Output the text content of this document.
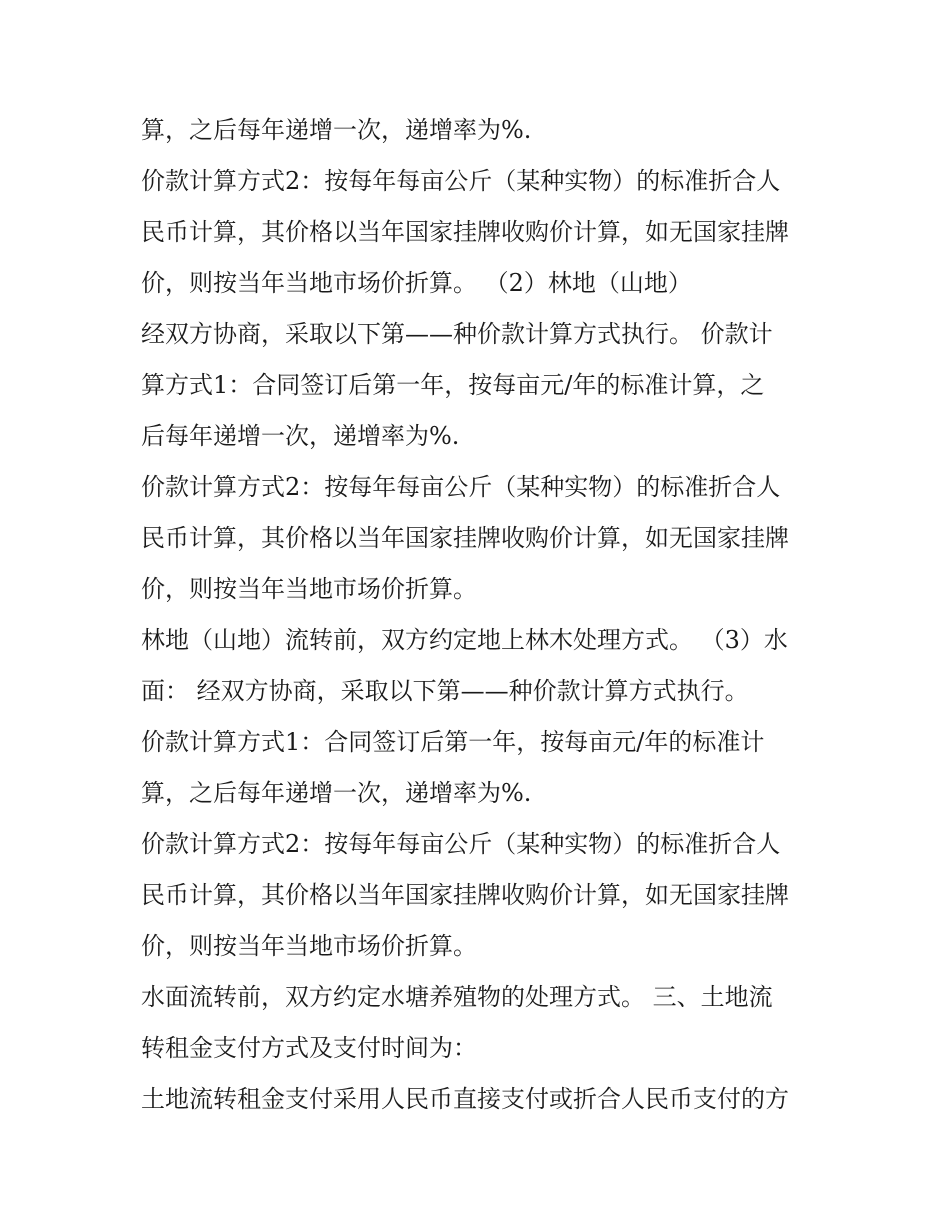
算，之后每年递增一次，递增率为%.
价款计算方式2：按每年每亩公斤（某种实物）的标准折合人
民币计算，其价格以当年国家挂牌收购价计算，如无国家挂牌
价，则按当年当地市场价折算。 （2）林地（山地）
经双方协商，采取以下第——种价款计算方式执行。 价款计
算方式1：合同签订后第一年，按每亩元/年的标准计算，之
后每年递增一次，递增率为%.
价款计算方式2：按每年每亩公斤（某种实物）的标准折合人
民币计算，其价格以当年国家挂牌收购价计算，如无国家挂牌
价，则按当年当地市场价折算。
林地（山地）流转前，双方约定地上林木处理方式。 （3）水
面： 经双方协商，采取以下第——种价款计算方式执行。
价款计算方式1：合同签订后第一年，按每亩元/年的标准计
算，之后每年递增一次，递增率为%.
价款计算方式2：按每年每亩公斤（某种实物）的标准折合人
民币计算，其价格以当年国家挂牌收购价计算，如无国家挂牌
价，则按当年当地市场价折算。
水面流转前，双方约定水塘养殖物的处理方式。 三、土地流
转租金支付方式及支付时间为：
土地流转租金支付采用人民币直接支付或折合人民币支付的方
